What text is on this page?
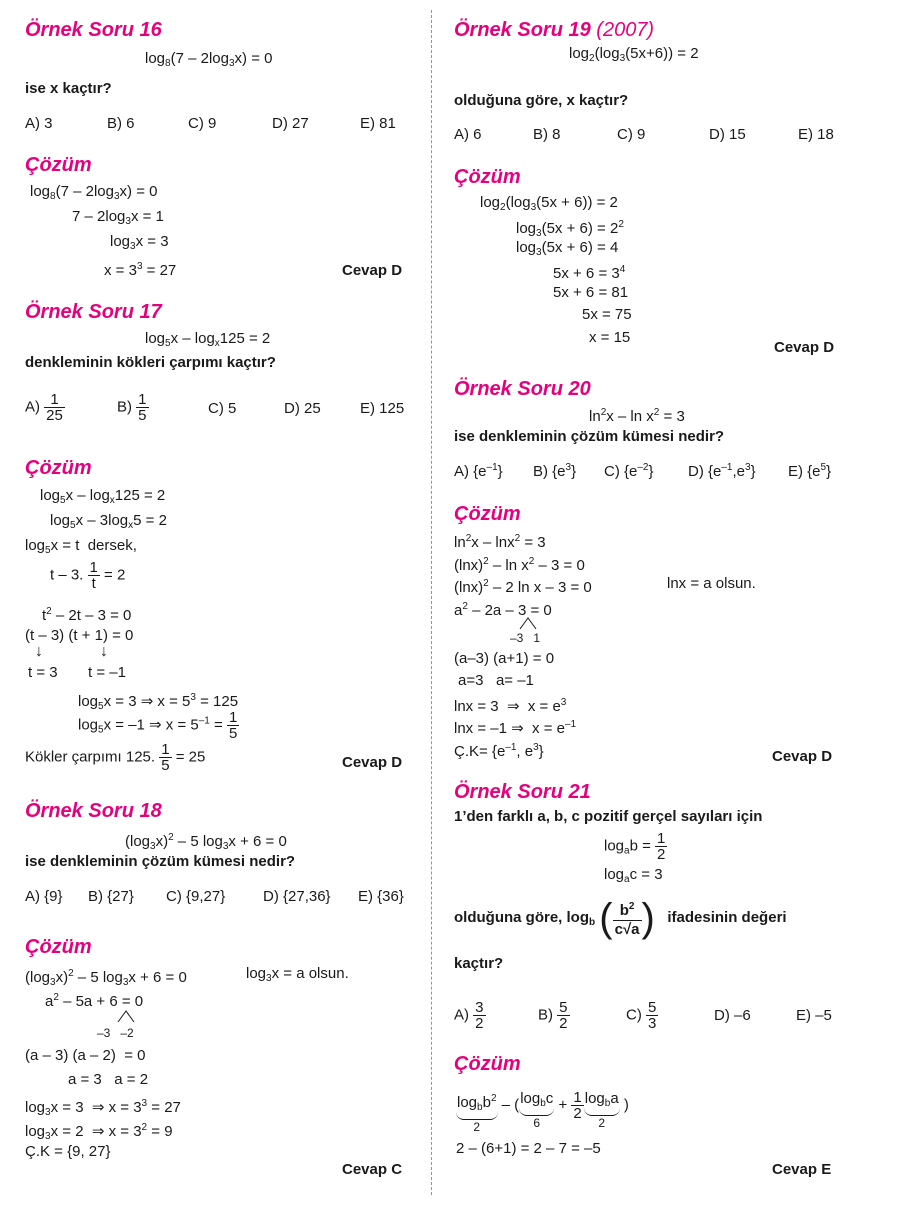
Örnek Soru 16
$\log_8(7 - 2\log_3x) = 0$
ise x kaçtır?
A) 3	B) 6	C) 9	D) 27	E) 81
Çözüm
$\log_8(7 - 2\log_3x) = 0$
$7 - 2\log_3x = 1$
$\log_3x = 3$
$x = 3^3 = 27$	Cevap D
Örnek Soru 17
$\log_5x - \log_x125 = 2$
denkleminin kökleri çarpımı kaçtır?
$A) \frac{1}{25}$	$B) \frac{1}{5}$	C) 5	D) 25	E) 125
Çözüm
$\log_5x - \log_x125 = 2$
$\log_5x - 3\log_x5 = 2$
$\log_5x = t$  dersek,
t – 3. $\frac{1}{t} = 2$
$t^2 - 2t - 3 = 0$
(t – 3) (t + 1) = 0
↓	↓
t = 3 t = –1
$\log_5x = 3$ ⇒ $x = 5^3 = 125$
$\log_5x = -1$ ⇒ $x = 5^{-1} = \frac{1}{5}$
Kökler çarpımı 125. $\frac{1}{5} = 25$	Cevap D
Örnek Soru 18
$(\log_3x)^2 - 5$ $\log_3x + 6 = 0$
ise denkleminin çözüm kümesi nedir?
A) {9} B) {27} C) {9,27}	D) {27,36} E) {36}
Çözüm
$(\log_3x)^2 - 5$ $\log_3x + 6 = 0$	$\log_3x = a$ olsun.
$a^2 - 5a + 6 = 0$
–3   –2
(a – 3) (a – 2)  = 0
a = 3   a = 2
$\log_3x = 3$  ⇒ $x = 3^3 = 27$
$\log_3x = 2$  ⇒ $x = 3^2 = 9$
Ç.K = {9, 27}
Cevap C
Örnek Soru 19 (2007)
$\log_2(\log_3(5x+6)) = 2$
olduğuna göre, x kaçtır?
A) 6	B) 8	C) 9	D) 15	E) 18
Çözüm
$\log_2(\log_3(5x + 6)) = 2$
$\log_3(5x + 6) = 2^2$
$\log_3(5x + 6) = 4$
$5x + 6 = 3^4$
5x + 6 = 81
5x = 75
x = 15
Cevap D
Örnek Soru 20
$\ln^2x - \ln x^2 = 3$
ise denkleminin çözüm kümesi nedir?
A) $\{e^{-1}\}$ B) $\{e^3\}$ C) $\{e^{-2}\}$ D) $\{e^{-1},e^3\}$ E) $\{e^5\}$
Çözüm
$\ln^2x - \ln x^2 = 3$
$(\ln x)^2 - \ln x^2 - 3 = 0$
$(\ln x)^2 - 2$ ln x – 3 = 0	lnx = a olsun.
$a^2 - 2a - 3 = 0$
–3   1
(a–3) (a+1) = 0
a=3   a= –1
lnx = 3  ⇒  $x = e^3$
lnx = –1 ⇒  $x = e^{-1}$
Ç.K= {$e^{-1}$, $e^3$}	Cevap D
Örnek Soru 21
1’den farklı a, b, c pozitif gerçel sayıları için
$\log_ab = \frac{1}{2}$
$\log_ac = 3$
olduğuna göre, $\log_b$ ( $\frac{b^2}{c√a}$ ) ifadesinin değeri
kaçtır?
$A) \frac{3}{2}$	$B) \frac{5}{2}$	$C) \frac{5}{3}$	D) –6	E) –5
Çözüm
$\log_bb^2$
2
– ( $\log_bc$
6
+ $\frac{1}{2} \log_ba$
2
)
2 – (6+1) = 2 – 7 = –5
Cevap E
